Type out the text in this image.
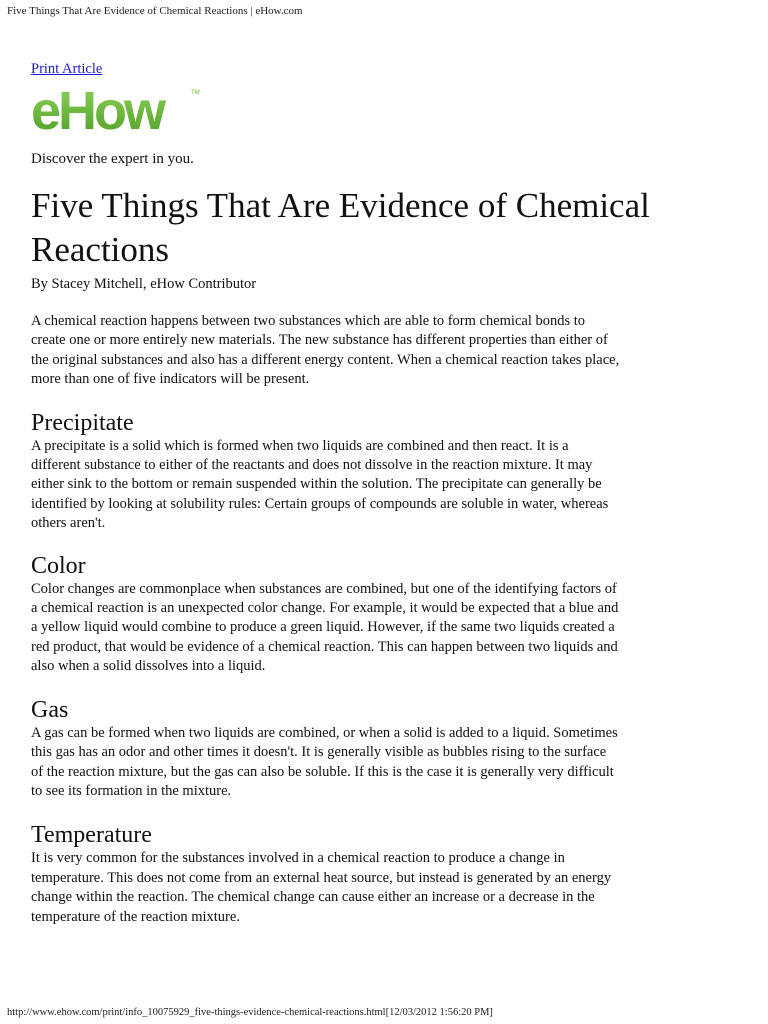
Five Things That Are Evidence of Chemical Reactions | eHow.com
Print Article
eHow	TM
Discover the expert in you.
Five Things That Are Evidence of Chemical Reactions
By Stacey Mitchell, eHow Contributor

A chemical reaction happens between two substances which are able to form chemical bonds to create one or more entirely new materials. The new substance has different properties than either of the original substances and also has a different energy content. When a chemical reaction takes place, more than one of five indicators will be present.

Precipitate

A precipitate is a solid which is formed when two liquids are combined and then react. It is a different substance to either of the reactants and does not dissolve in the reaction mixture. It may either sink to the bottom or remain suspended within the solution. The precipitate can generally be identified by looking at solubility rules: Certain groups of compounds are soluble in water, whereas others aren't.

Color

Color changes are commonplace when substances are combined, but one of the identifying factors of a chemical reaction is an unexpected color change. For example, it would be expected that a blue and a yellow liquid would combine to produce a green liquid. However, if the same two liquids created a red product, that would be evidence of a chemical reaction. This can happen between two liquids and also when a solid dissolves into a liquid.

Gas

A gas can be formed when two liquids are combined, or when a solid is added to a liquid. Sometimes this gas has an odor and other times it doesn't. It is generally visible as bubbles rising to the surface of the reaction mixture, but the gas can also be soluble. If this is the case it is generally very difficult to see its formation in the mixture.

Temperature

It is very common for the substances involved in a chemical reaction to produce a change in temperature. This does not come from an external heat source, but instead is generated by an energy change within the reaction. The chemical change can cause either an increase or a decrease in the temperature of the reaction mixture.

http://www.ehow.com/print/info_10075929_five-things-evidence-chemical-reactions.html[12/03/2012 1:56:20 PM]
